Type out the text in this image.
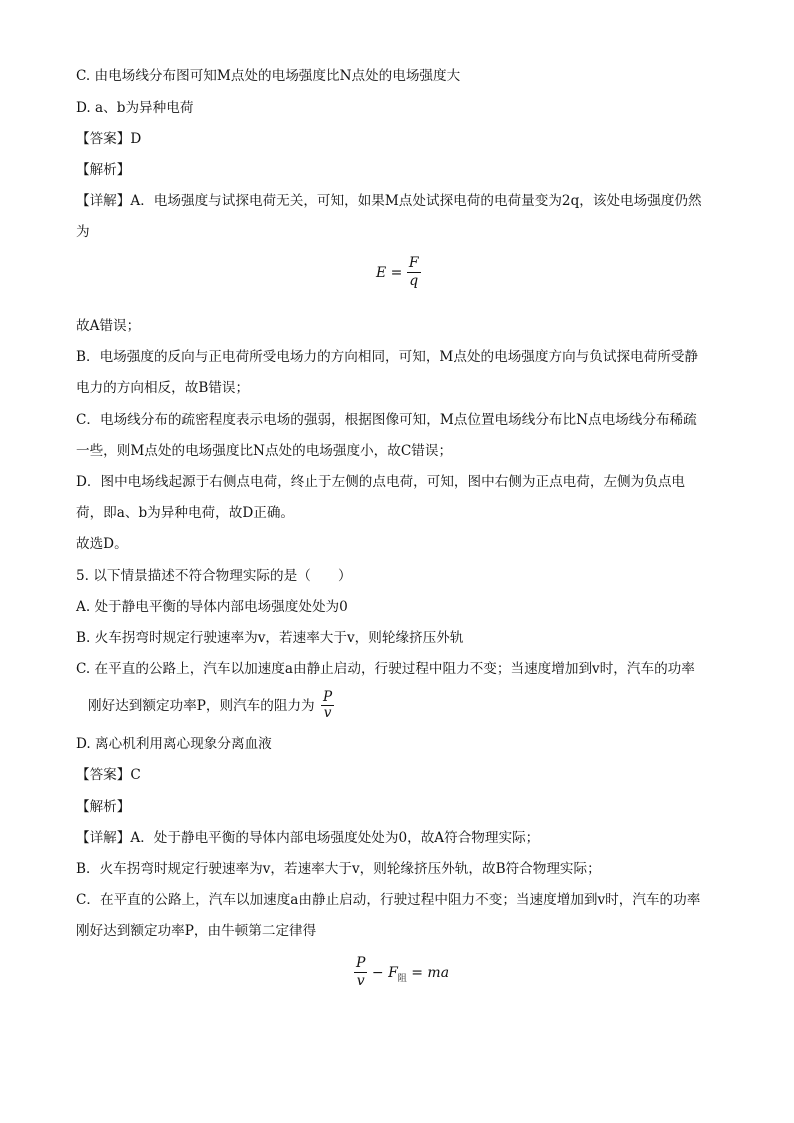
C. 由电场线分布图可知M点处的电场强度比N点处的电场强度大
D. a、b为异种电荷
【答案】D
【解析】
【详解】A．电场强度与试探电荷无关，可知，如果M点处试探电荷的电荷量变为2q，该处电场强度仍然
为
$E = \frac{F}{q}$
故A错误；
B．电场强度的反向与正电荷所受电场力的方向相同，可知，M点处的电场强度方向与负试探电荷所受静
电力的方向相反，故B错误；
C．电场线分布的疏密程度表示电场的强弱，根据图像可知，M点位置电场线分布比N点电场线分布稀疏
一些，则M点处的电场强度比N点处的电场强度小，故C错误；
D．图中电场线起源于右侧点电荷，终止于左侧的点电荷，可知，图中右侧为正点电荷，左侧为负点电
荷，即a、b为异种电荷，故D正确。
故选D。
5. 以下情景描述不符合物理实际的是（　　）
A. 处于静电平衡的导体内部电场强度处处为0
B. 火车拐弯时规定行驶速率为v，若速率大于v，则轮缘挤压外轨
C. 在平直的公路上，汽车以加速度a由静止启动，行驶过程中阻力不变；当速度增加到v时，汽车的功率
刚好达到额定功率P，则汽车的阻力为 $\frac{P}{v}$
D. 离心机利用离心现象分离血液
【答案】C
【解析】
【详解】A．处于静电平衡的导体内部电场强度处处为0，故A符合物理实际；
B．火车拐弯时规定行驶速率为v，若速率大于v，则轮缘挤压外轨，故B符合物理实际；
C．在平直的公路上，汽车以加速度a由静止启动，行驶过程中阻力不变；当速度增加到v时，汽车的功率
刚好达到额定功率P，由牛顿第二定律得
$\frac{P}{v} - F_阻$ = ma
